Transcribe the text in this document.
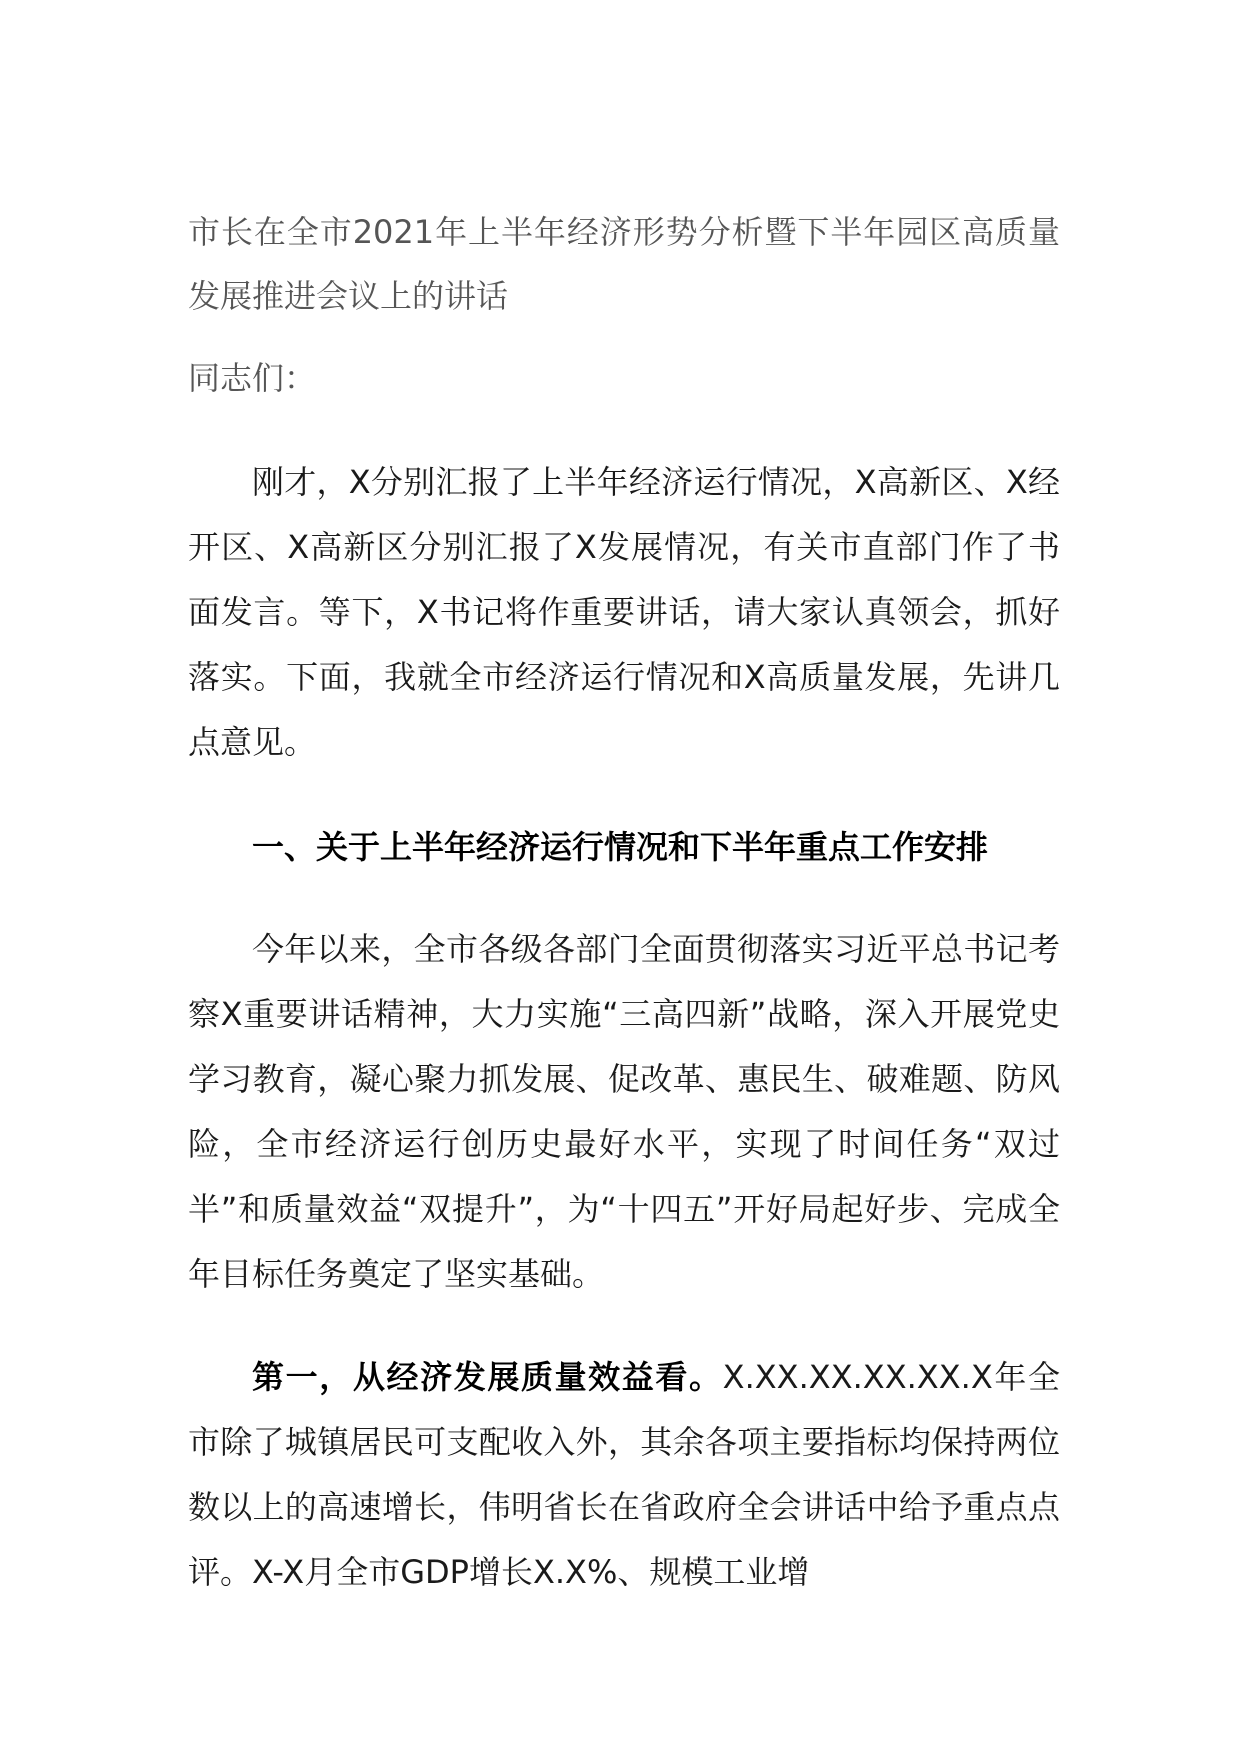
市长在全市2021年上半年经济形势分析暨下半年园区高质量发展推进会议上的讲话

同志们：

刚才，X分别汇报了上半年经济运行情况，X高新区、X经开区、X高新区分别汇报了X发展情况，有关市直部门作了书面发言。等下，X书记将作重要讲话，请大家认真领会，抓好落实。下面，我就全市经济运行情况和X高质量发展，先讲几点意见。

一、关于上半年经济运行情况和下半年重点工作安排

今年以来，全市各级各部门全面贯彻落实习近平总书记考察X重要讲话精神，大力实施“三高四新”战略，深入开展党史学习教育，凝心聚力抓发展、促改革、惠民生、破难题、防风险，全市经济运行创历史最好水平，实现了时间任务“双过半”和质量效益“双提升”，为“十四五”开好局起好步、完成全年目标任务奠定了坚实基础。

第一，从经济发展质量效益看。X.XX.XX.XX.XX.X年全市除了城镇居民可支配收入外，其余各项主要指标均保持两位数以上的高速增长，伟明省长在省政府全会讲话中给予重点点评。X-X月全市GDP增长X.X%、规模工业增
